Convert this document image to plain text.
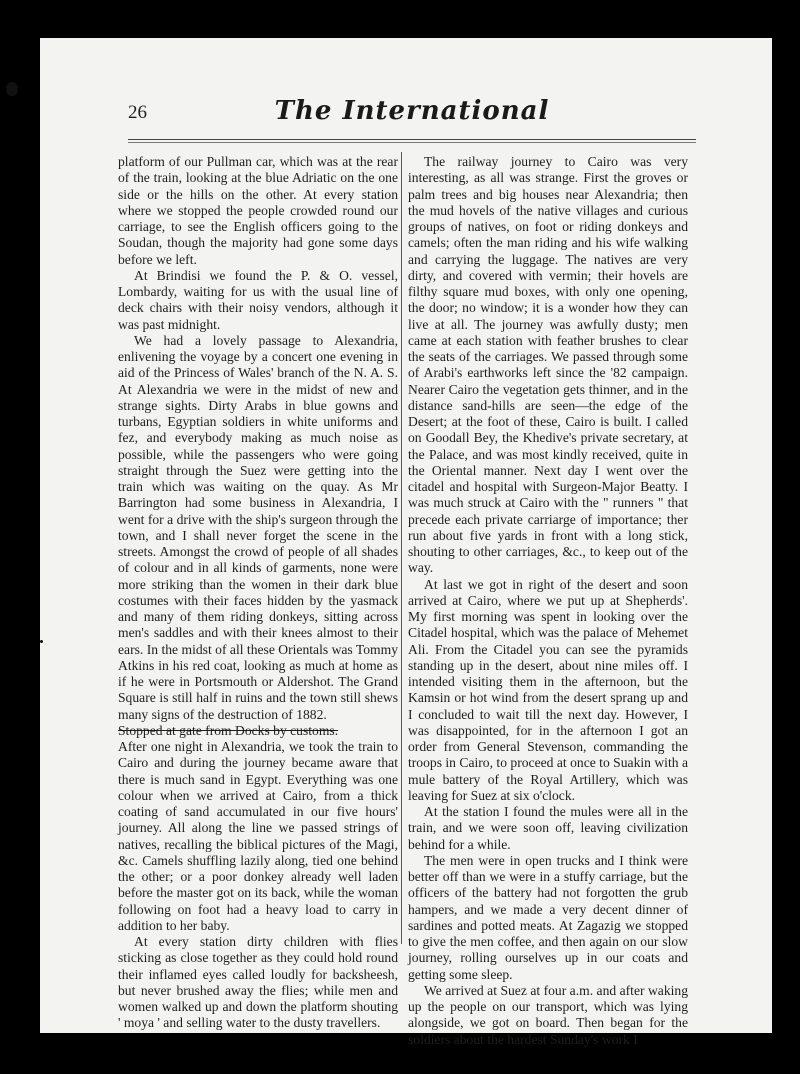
26	The International

platform of our Pullman car, which was at the rear of the train, looking at the blue Adriatic on the one side or the hills on the other. At every station where we stopped the people crowded round our carriage, to see the English officers going to the Soudan, though the majority had gone some days before we left.

At Brindisi we found the P. & O. vessel, Lombardy, waiting for us with the usual line of deck chairs with their noisy vendors, although it was past midnight.

We had a lovely passage to Alexandria, enlivening the voyage by a concert one evening in aid of the Princess of Wales' branch of the N. A. S. At Alexandria we were in the midst of new and strange sights. Dirty Arabs in blue gowns and turbans, Egyptian soldiers in white uniforms and fez, and everybody making as much noise as possible, while the passengers who were going straight through the Suez were getting into the train which was waiting on the quay. As Mr Barrington had some business in Alexandria, I went for a drive with the ship's surgeon through the town, and I shall never forget the scene in the streets. Amongst the crowd of people of all shades of colour and in all kinds of garments, none were more striking than the women in their dark blue costumes with their faces hidden by the yasmack and many of them riding donkeys, sitting across men's saddles and with their knees almost to their ears. In the midst of all these Orientals was Tommy Atkins in his red coat, looking as much at home as if he were in Portsmouth or Aldershot. The Grand Square is still half in ruins and the town still shews many signs of the destruction of 1882.

Stopped at gate from Docks by customs.

After one night in Alexandria, we took the train to Cairo and during the journey became aware that there is much sand in Egypt. Everything was one colour when we arrived at Cairo, from a thick coating of sand accumulated in our five hours' journey. All along the line we passed strings of natives, recalling the biblical pictures of the Magi, &c. Camels shuffling lazily along, tied one behind the other; or a poor donkey already well laden before the master got on its back, while the woman following on foot had a heavy load to carry in addition to her baby.

At every station dirty children with flies sticking as close together as they could hold round their inflamed eyes called loudly for backsheesh, but never brushed away the flies; while men and women walked up and down the platform shouting ' moya ' and selling water to the dusty travellers.

The railway journey to Cairo was very interesting, as all was strange. First the groves or palm trees and big houses near Alexandria; then the mud hovels of the native villages and curious groups of natives, on foot or riding donkeys and camels; often the man riding and his wife walking and carrying the luggage. The natives are very dirty, and covered with vermin; their hovels are filthy square mud boxes, with only one opening, the door; no window; it is a wonder how they can live at all. The journey was awfully dusty; men came at each station with feather brushes to clear the seats of the carriages. We passed through some of Arabi's earthworks left since the '82 campaign. Nearer Cairo the vegetation gets thinner, and in the distance sand-hills are seen—the edge of the Desert; at the foot of these, Cairo is built. I called on Goodall Bey, the Khedive's private secretary, at the Palace, and was most kindly received, quite in the Oriental manner. Next day I went over the citadel and hospital with Surgeon-Major Beatty. I was much struck at Cairo with the " runners " that precede each private carriarge of importance; ther run about five yards in front with a long stick, shouting to other carriages, &c., to keep out of the way.

At last we got in right of the desert and soon arrived at Cairo, where we put up at Shepherds'. My first morning was spent in looking over the Citadel hospital, which was the palace of Mehemet Ali. From the Citadel you can see the pyramids standing up in the desert, about nine miles off. I intended visiting them in the afternoon, but the Kamsin or hot wind from the desert sprang up and I concluded to wait till the next day. However, I was disappointed, for in the afternoon I got an order from General Stevenson, commanding the troops in Cairo, to proceed at once to Suakin with a mule battery of the Royal Artillery, which was leaving for Suez at six o'clock.

At the station I found the mules were all in the train, and we were soon off, leaving civilization behind for a while.

The men were in open trucks and I think were better off than we were in a stuffy carriage, but the officers of the battery had not forgotten the grub hampers, and we made a very decent dinner of sardines and potted meats. At Zagazig we stopped to give the men coffee, and then again on our slow journey, rolling ourselves up in our coats and getting some sleep.

We arrived at Suez at four a.m. and after waking up the people on our transport, which was lying alongside, we got on board. Then began for the soldiers about the hardest Sunday's work I
